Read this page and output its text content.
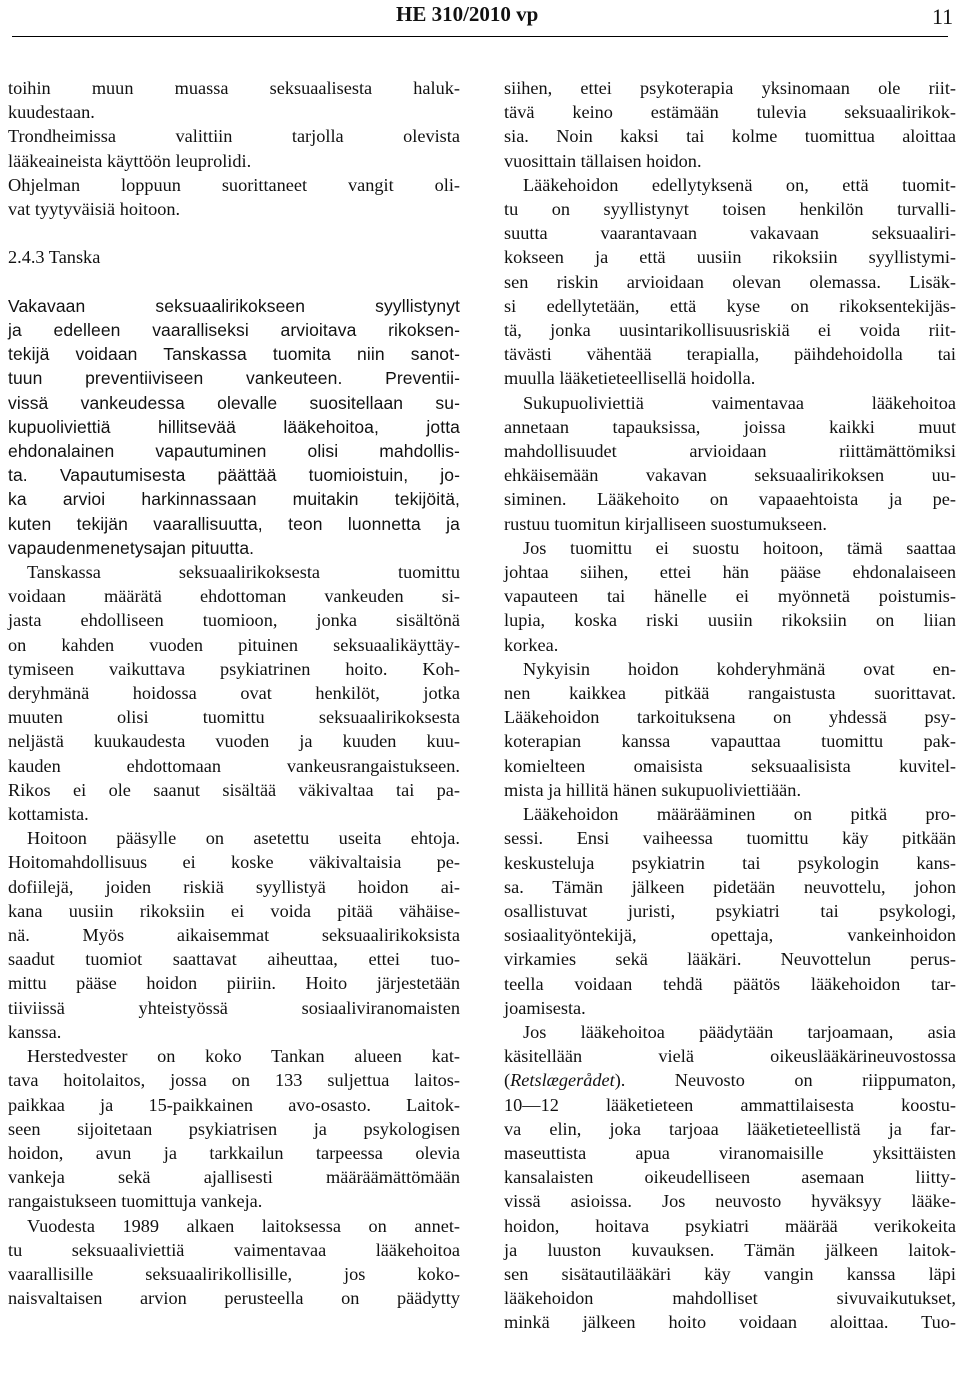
HE 310/2010 vp	11
toihin muun muassa seksuaalisesta haluk-
kuudestaan.
Trondheimissa valittiin tarjolla olevista
lääkeaineista käyttöön leuprolidi.
Ohjelman loppuun suorittaneet vangit oli-
vat tyytyväisiä hoitoon.
2.4.3 Tanska
Vakavaan seksuaalirikokseen syyllistynyt
ja edelleen vaaralliseksi arvioitava rikoksen-
tekijä voidaan Tanskassa tuomita niin sanot-
tuun preventiiviseen vankeuteen. Preventii-
vissä vankeudessa olevalle suositellaan su-
kupuoliviettiä hillitsevää lääkehoitoa, jotta
ehdonalainen vapautuminen olisi mahdollis-
ta. Vapautumisesta päättää tuomioistuin, jo-
ka arvioi harkinnassaan muitakin tekijöitä,
kuten tekijän vaarallisuutta, teon luonnetta ja
vapaudenmenetysajan pituutta.
Tanskassa seksuaalirikoksesta tuomittu
voidaan määrätä ehdottoman vankeuden si-
jasta ehdolliseen tuomioon, jonka sisältönä
on kahden vuoden pituinen seksuaalikäyttäy-
tymiseen vaikuttava psykiatrinen hoito. Koh-
deryhmänä hoidossa ovat henkilöt, jotka
muuten olisi tuomittu seksuaalirikoksesta
neljästä kuukaudesta vuoden ja kuuden kuu-
kauden ehdottomaan vankeusrangaistukseen.
Rikos ei ole saanut sisältää väkivaltaa tai pa-
kottamista.
Hoitoon pääsylle on asetettu useita ehtoja.
Hoitomahdollisuus ei koske väkivaltaisia pe-
dofiilejä, joiden riskiä syyllistyä hoidon ai-
kana uusiin rikoksiin ei voida pitää vähäise-
nä. Myös aikaisemmat seksuaalirikoksista
saadut tuomiot saattavat aiheuttaa, ettei tuo-
mittu pääse hoidon piiriin. Hoito järjestetään
tiiviissä yhteistyössä sosiaaliviranomaisten
kanssa.
Herstedvester on koko Tankan alueen kat-
tava hoitolaitos, jossa on 133 suljettua laitos-
paikkaa ja 15-paikkainen avo-osasto. Laitok-
seen sijoitetaan psykiatrisen ja psykologisen
hoidon, avun ja tarkkailun tarpeessa olevia
vankeja sekä ajallisesti määräämättömään
rangaistukseen tuomittuja vankeja.
Vuodesta 1989 alkaen laitoksessa on annet-
tu seksuaaliviettiä vaimentavaa lääkehoitoa
vaarallisille seksuaalirikollisille, jos koko-
naisvaltaisen arvion perusteella on päädytty
siihen, ettei psykoterapia yksinomaan ole riit-
tävä keino estämään tulevia seksuaalirikok-
sia. Noin kaksi tai kolme tuomittua aloittaa
vuosittain tällaisen hoidon.
Lääkehoidon edellytyksenä on, että tuomit-
tu on syyllistynyt toisen henkilön turvalli-
suutta vaarantavaan vakavaan seksuaaliri-
kokseen ja että uusiin rikoksiin syyllistymi-
sen riskin arvioidaan olevan olemassa. Lisäk-
si edellytetään, että kyse on rikoksentekijäs-
tä, jonka uusintarikollisuusriskiä ei voida riit-
tävästi vähentää terapialla, päihdehoidolla tai
muulla lääketieteellisellä hoidolla.
Sukupuoliviettiä vaimentavaa lääkehoitoa
annetaan tapauksissa, joissa kaikki muut
mahdollisuudet arvioidaan riittämättömiksi
ehkäisemään vakavan seksuaalirikoksen uu-
siminen. Lääkehoito on vapaaehtoista ja pe-
rustuu tuomitun kirjalliseen suostumukseen.
Jos tuomittu ei suostu hoitoon, tämä saattaa
johtaa siihen, ettei hän pääse ehdonalaiseen
vapauteen tai hänelle ei myönnetä poistumis-
lupia, koska riski uusiin rikoksiin on liian
korkea.
Nykyisin hoidon kohderyhmänä ovat en-
nen kaikkea pitkää rangaistusta suorittavat.
Lääkehoidon tarkoituksena on yhdessä psy-
koterapian kanssa vapauttaa tuomittu pak-
komielteen omaisista seksuaalisista kuvitel-
mista ja hillitä hänen sukupuoliviettiään.
Lääkehoidon määrääminen on pitkä pro-
sessi. Ensi vaiheessa tuomittu käy pitkään
keskusteluja psykiatrin tai psykologin kans-
sa. Tämän jälkeen pidetään neuvottelu, johon
osallistuvat juristi, psykiatri tai psykologi,
sosiaalityöntekijä, opettaja, vankeinhoidon
virkamies sekä lääkäri. Neuvottelun perus-
teella voidaan tehdä päätös lääkehoidon tar-
joamisesta.
Jos lääkehoitoa päädytään tarjoamaan, asia
käsitellään vielä oikeuslääkärineuvostossa
(Retslægerådet). Neuvosto on riippumaton,
10—12 lääketieteen ammattilaisesta koostu-
va elin, joka tarjoaa lääketieteellistä ja far-
maseuttista apua viranomaisille yksittäisten
kansalaisten oikeudelliseen asemaan liitty-
vissä asioissa. Jos neuvosto hyväksyy lääke-
hoidon, hoitava psykiatri määrää verikokeita
ja luuston kuvauksen. Tämän jälkeen laitok-
sen sisätautilääkäri käy vangin kanssa läpi
lääkehoidon mahdolliset sivuvaikutukset,
minkä jälkeen hoito voidaan aloittaa. Tuo-
